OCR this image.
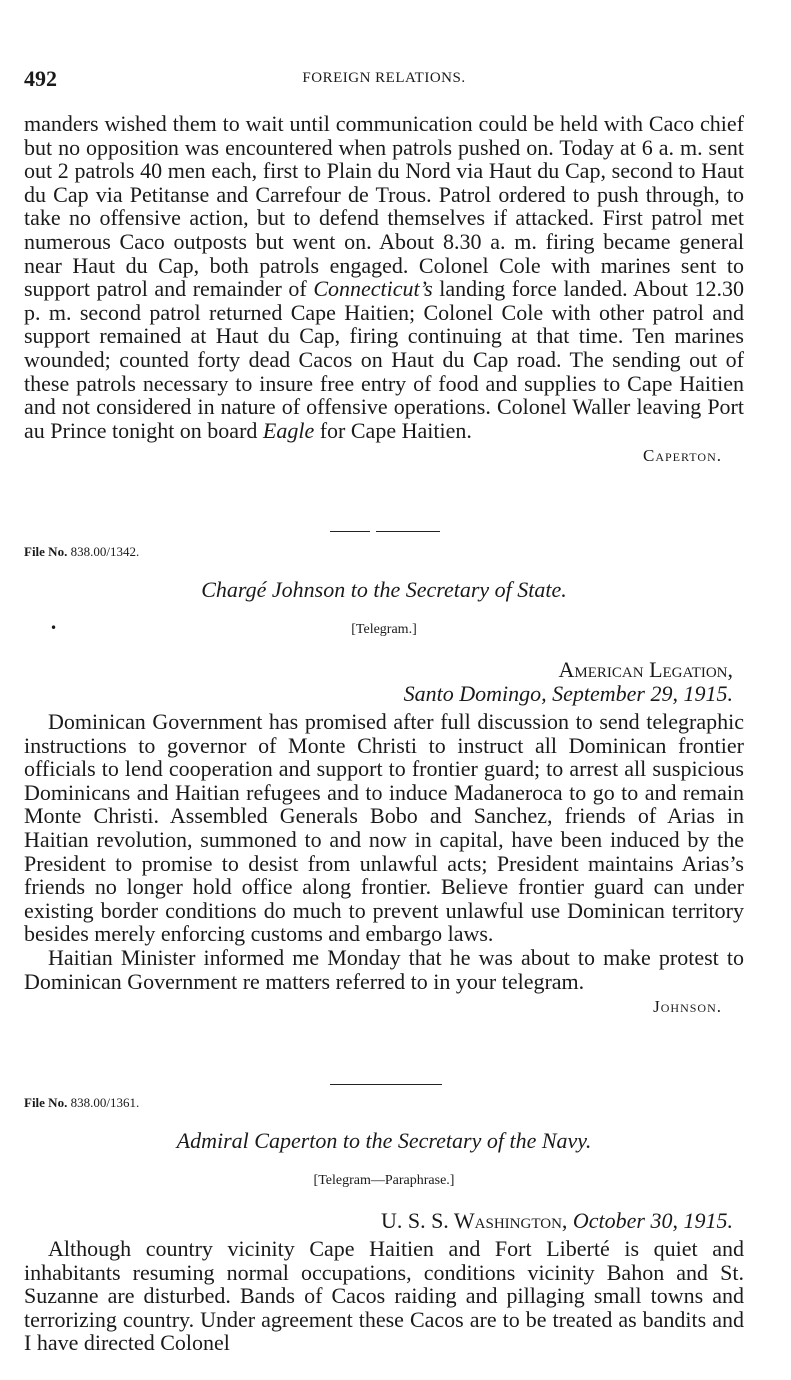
492	FOREIGN RELATIONS.

manders wished them to wait until communication could be held with Caco chief but no opposition was encountered when patrols pushed on. Today at 6 a. m. sent out 2 patrols 40 men each, first to Plain du Nord via Haut du Cap, second to Haut du Cap via Petitanse and Carrefour de Trous. Patrol ordered to push through, to take no offensive action, but to defend themselves if attacked. First patrol met numerous Caco outposts but went on. About 8.30 a. m. firing became general near Haut du Cap, both patrols engaged. Colonel Cole with marines sent to support patrol and remainder of Connecticut’s landing force landed. About 12.30 p. m. second patrol returned Cape Haitien; Colonel Cole with other patrol and support remained at Haut du Cap, firing continuing at that time. Ten marines wounded; counted forty dead Cacos on Haut du Cap road. The sending out of these patrols necessary to insure free entry of food and supplies to Cape Haitien and not considered in nature of offensive operations. Colonel Waller leaving Port au Prince tonight on board Eagle for Cape Haitien.

Caperton.
File No. 838.00/1342.
Chargé Johnson to the Secretary of State.
•	[Telegram.]
American Legation,
Santo Domingo, September 29, 1915.

Dominican Government has promised after full discussion to send telegraphic instructions to governor of Monte Christi to instruct all Dominican frontier officials to lend cooperation and support to frontier guard; to arrest all suspicious Dominicans and Haitian refugees and to induce Madaneroca to go to and remain Monte Christi. Assembled Generals Bobo and Sanchez, friends of Arias in Haitian revolution, summoned to and now in capital, have been induced by the President to promise to desist from unlawful acts; President maintains Arias’s friends no longer hold office along frontier. Believe frontier guard can under existing border conditions do much to prevent unlawful use Dominican territory besides merely enforcing customs and embargo laws.

Haitian Minister informed me Monday that he was about to make protest to Dominican Government re matters referred to in your telegram.

Johnson.
File No. 838.00/1361.
Admiral Caperton to the Secretary of the Navy.
[Telegram—Paraphrase.]
U. S. S. Washington, October 30, 1915.

Although country vicinity Cape Haitien and Fort Liberté is quiet and inhabitants resuming normal occupations, conditions vicinity Bahon and St. Suzanne are disturbed. Bands of Cacos raiding and pillaging small towns and terrorizing country. Under agreement these Cacos are to be treated as bandits and I have directed Colonel
